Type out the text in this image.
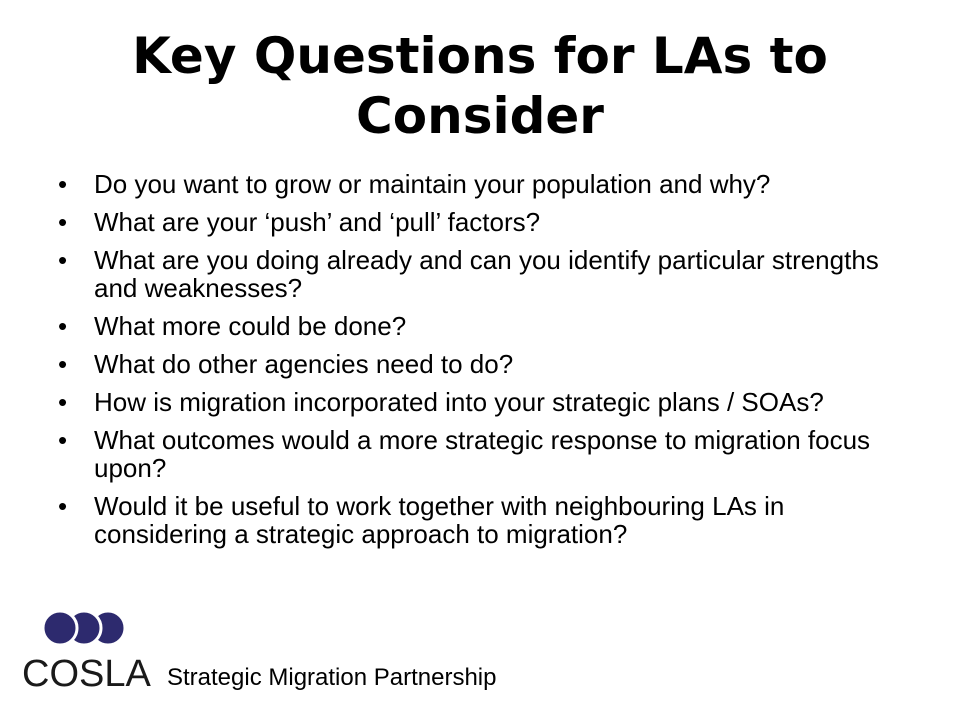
Key Questions for LAs to Consider
• Do you want to grow or maintain your population and why?
• What are your ‘push’ and ‘pull’ factors?
• What are you doing already and can you identify particular strengths and weaknesses?
• What more could be done?
• What do other agencies need to do?
• How is migration incorporated into your strategic plans / SOAs?
• What outcomes would a more strategic response to migration focus upon?
• Would it be useful to work together with neighbouring LAs in considering a strategic approach to migration?
COSLA Strategic Migration Partnership
